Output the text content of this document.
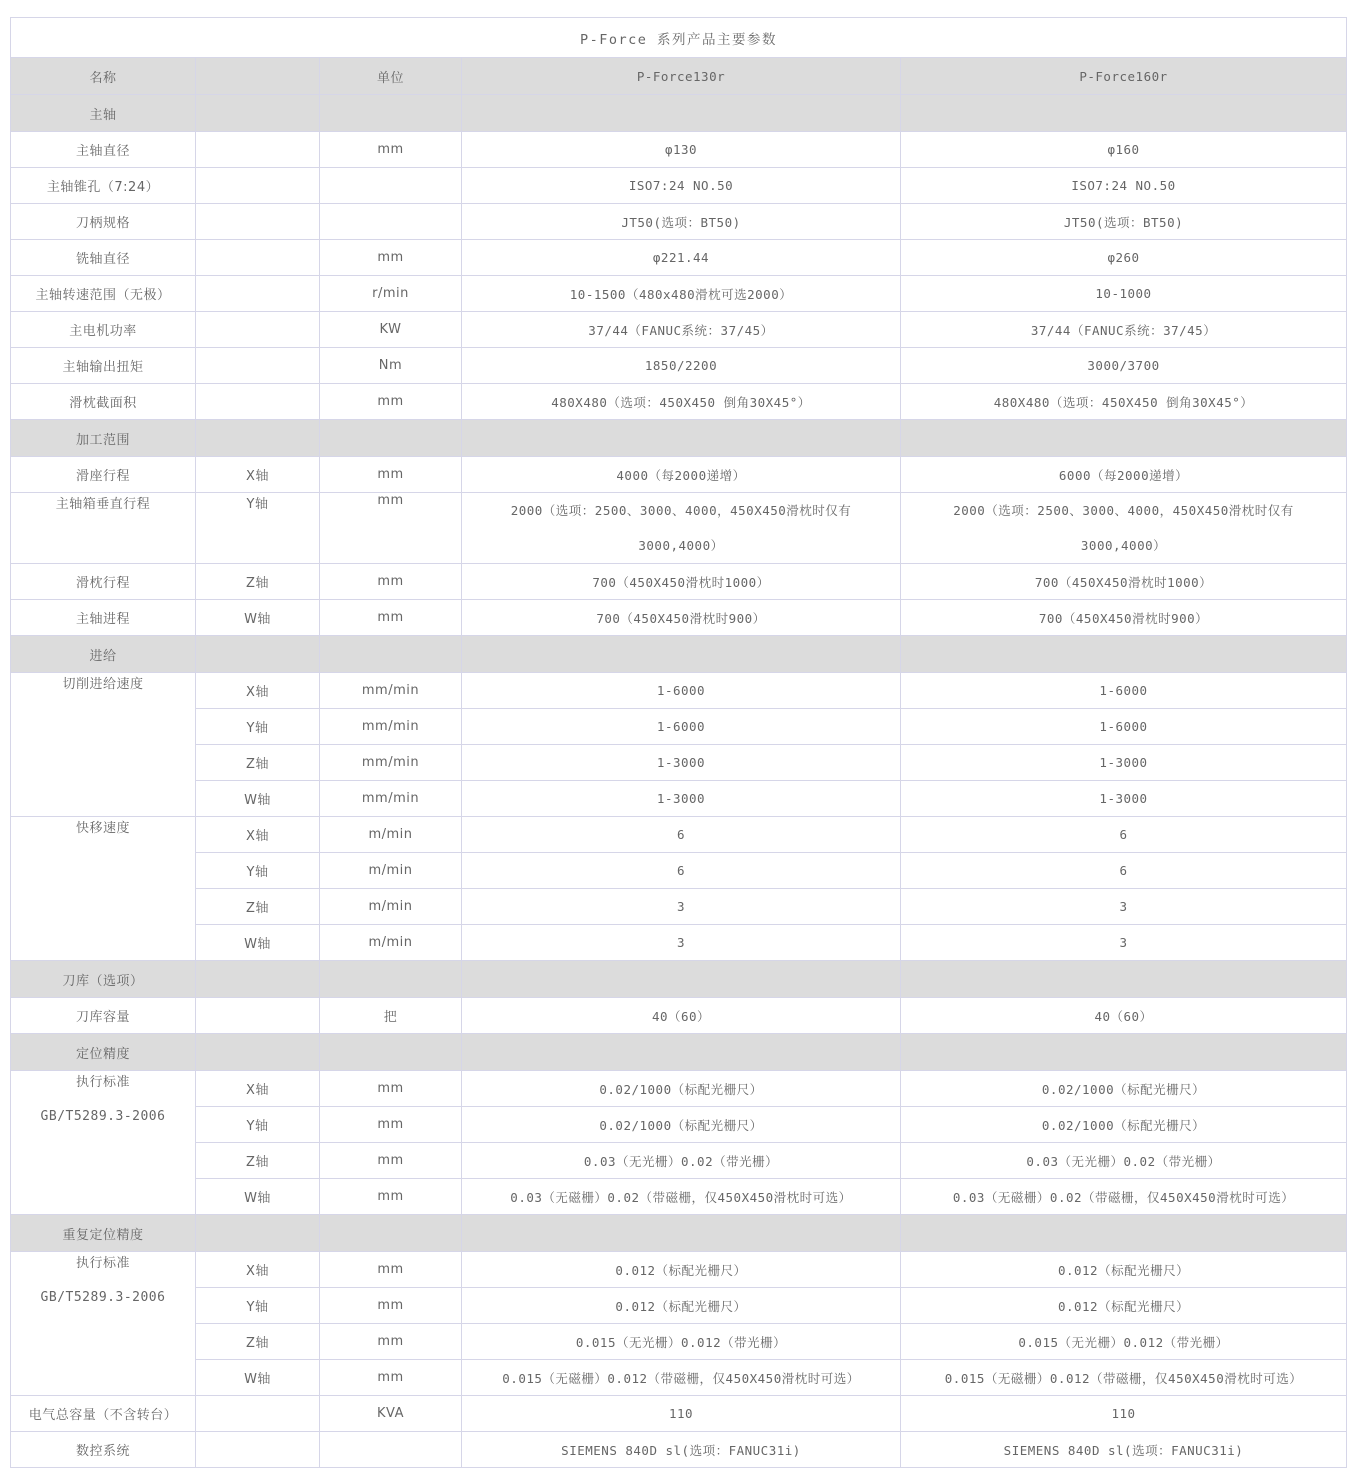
P-Force 系列产品主要参数				
名称		单位	P-Force130r	P-Force160r
主轴				

主轴直径		mm	φ130	φ160

主轴锥孔（7:24）			ISO7:24 NO.50	ISO7:24 NO.50

刀柄规格			JT50(选项：BT50)	JT50(选项：BT50)

铣轴直径		mm	φ221.44	φ260

主轴转速范围（无极）		r/min	10-1500（480x480滑枕可选2000）	10-1000

主电机功率		KW	37/44（FANUC系统：37/45）	37/44（FANUC系统：37/45）

主轴输出扭矩		Nm	1850/2200	3000/3700

滑枕截面积		mm	480X480（选项：450X450 倒角30X45°）	480X480（选项：450X450 倒角30X45°）
加工范围				

滑座行程	X轴	mm	4000（每2000递增）	6000（每2000递增）

主轴箱垂直行程	Y轴	mm	2000（选项：2500、3000、4000，450X450滑枕时仅有3000,4000）	2000（选项：2500、3000、4000，450X450滑枕时仅有3000,4000）

滑枕行程	Z轴	mm	700（450X450滑枕时1000）	700（450X450滑枕时1000）

主轴进程	W轴	mm	700（450X450滑枕时900）	700（450X450滑枕时900）
进给				

切削进给速度	X轴	mm/min	1-6000	1-6000
	Y轴	mm/min	1-6000	1-6000
	Z轴	mm/min	1-3000	1-3000
	W轴	mm/min	1-3000	1-3000

快移速度	X轴	m/min	6	6
	Y轴	m/min	6	6
	Z轴	m/min	3	3
	W轴	m/min	3	3
刀库（选项）				

刀库容量		把	40（60）	40（60）
定位精度				

执行标准
GB/T5289.3-2006	X轴	mm	0.02/1000（标配光栅尺）	0.02/1000（标配光栅尺）
	Y轴	mm	0.02/1000（标配光栅尺）	0.02/1000（标配光栅尺）
	Z轴	mm	0.03（无光栅）0.02（带光栅）	0.03（无光栅）0.02（带光栅）
	W轴	mm	0.03（无磁栅）0.02（带磁栅，仅450X450滑枕时可选）	0.03（无磁栅）0.02（带磁栅，仅450X450滑枕时可选）
重复定位精度				

执行标准
GB/T5289.3-2006	X轴	mm	0.012（标配光栅尺）	0.012（标配光栅尺）
	Y轴	mm	0.012（标配光栅尺）	0.012（标配光栅尺）
	Z轴	mm	0.015（无光栅）0.012（带光栅）	0.015（无光栅）0.012（带光栅）
	W轴	mm	0.015（无磁栅）0.012（带磁栅，仅450X450滑枕时可选）	0.015（无磁栅）0.012（带磁栅，仅450X450滑枕时可选）

电气总容量（不含转台）		KVA	110	110

数控系统			SIEMENS 840D sl(选项：FANUC31i)	SIEMENS 840D sl(选项：FANUC31i)
